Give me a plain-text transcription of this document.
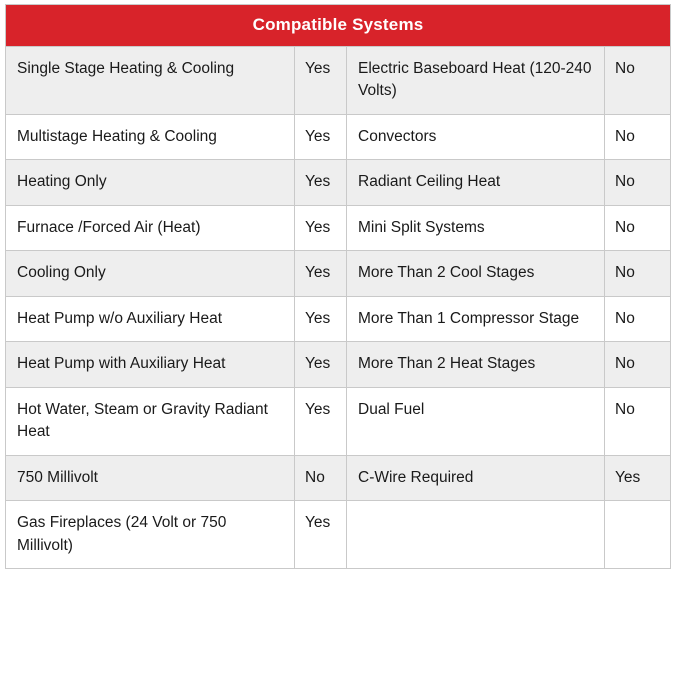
Compatible Systems			
Single Stage Heating & Cooling	Yes	Electric Baseboard Heat (120-240 Volts)	No
Multistage Heating & Cooling	Yes	Convectors	No
Heating Only	Yes	Radiant Ceiling Heat	No
Furnace /Forced Air (Heat)	Yes	Mini Split Systems	No
Cooling Only	Yes	More Than 2 Cool Stages	No
Heat Pump w/o Auxiliary Heat	Yes	More Than 1 Compressor Stage	No
Heat Pump with Auxiliary Heat	Yes	More Than 2 Heat Stages	No
Hot Water, Steam or Gravity Radiant Heat	Yes	Dual Fuel	No
750 Millivolt	No	C-Wire Required	Yes
Gas Fireplaces (24 Volt or 750 Millivolt)	Yes		
